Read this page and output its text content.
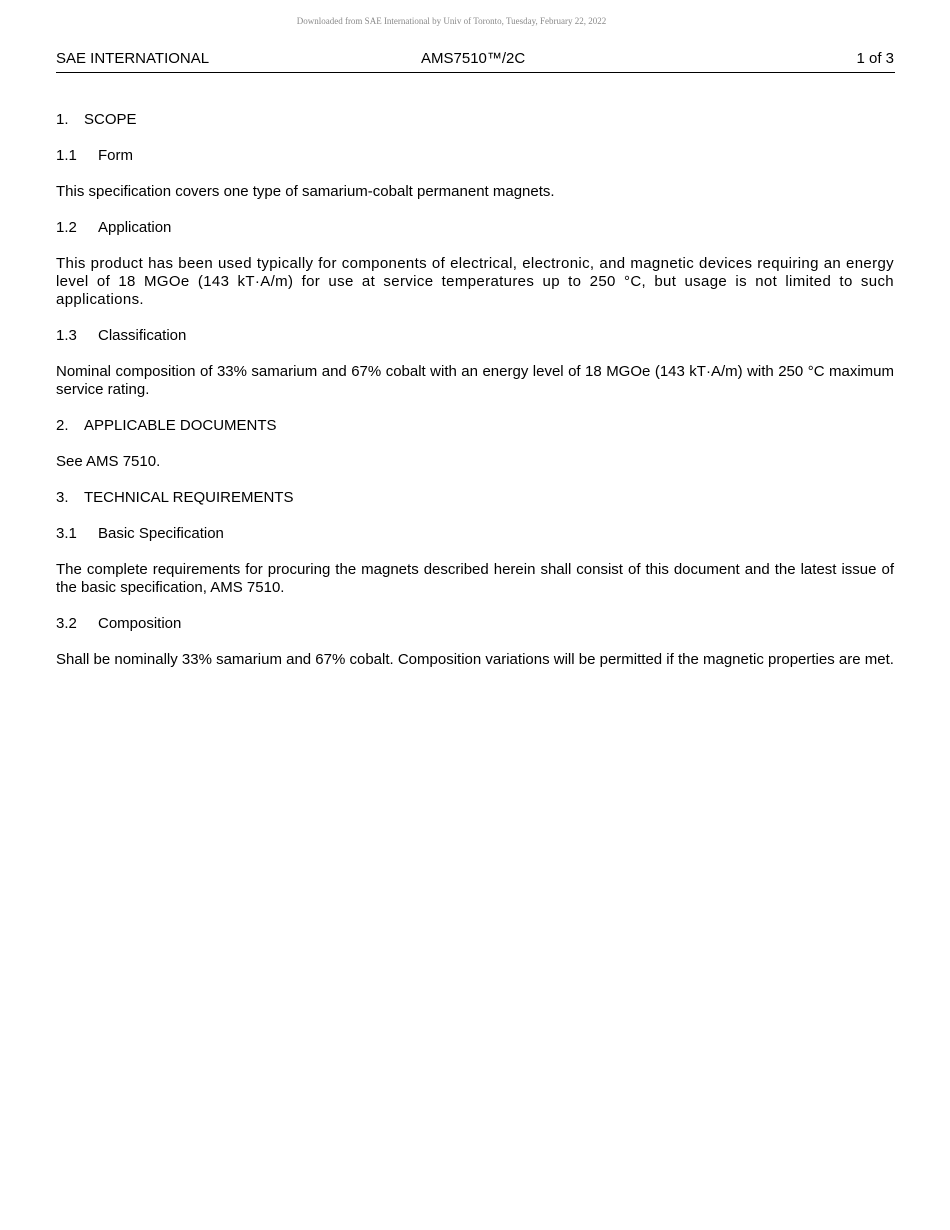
Downloaded from SAE International by Univ of Toronto, Tuesday, February 22, 2022
SAE INTERNATIONAL	AMS7510™/2C	1 of 3
1. SCOPE
1.1 Form

This specification covers one type of samarium-cobalt permanent magnets.

1.2 Application

This product has been used typically for components of electrical, electronic, and magnetic devices requiring an energy level of 18 MGOe (143 kT·A/m) for use at service temperatures up to 250 °C, but usage is not limited to such applications.

1.3 Classification

Nominal composition of 33% samarium and 67% cobalt with an energy level of 18 MGOe (143 kT·A/m) with 250 °C maximum service rating.

2. APPLICABLE DOCUMENTS

See AMS 7510.

3. TECHNICAL REQUIREMENTS
3.1 Basic Specification

The complete requirements for procuring the magnets described herein shall consist of this document and the latest issue of the basic specification, AMS 7510.

3.2 Composition

Shall be nominally 33% samarium and 67% cobalt. Composition variations will be permitted if the magnetic properties are met.
